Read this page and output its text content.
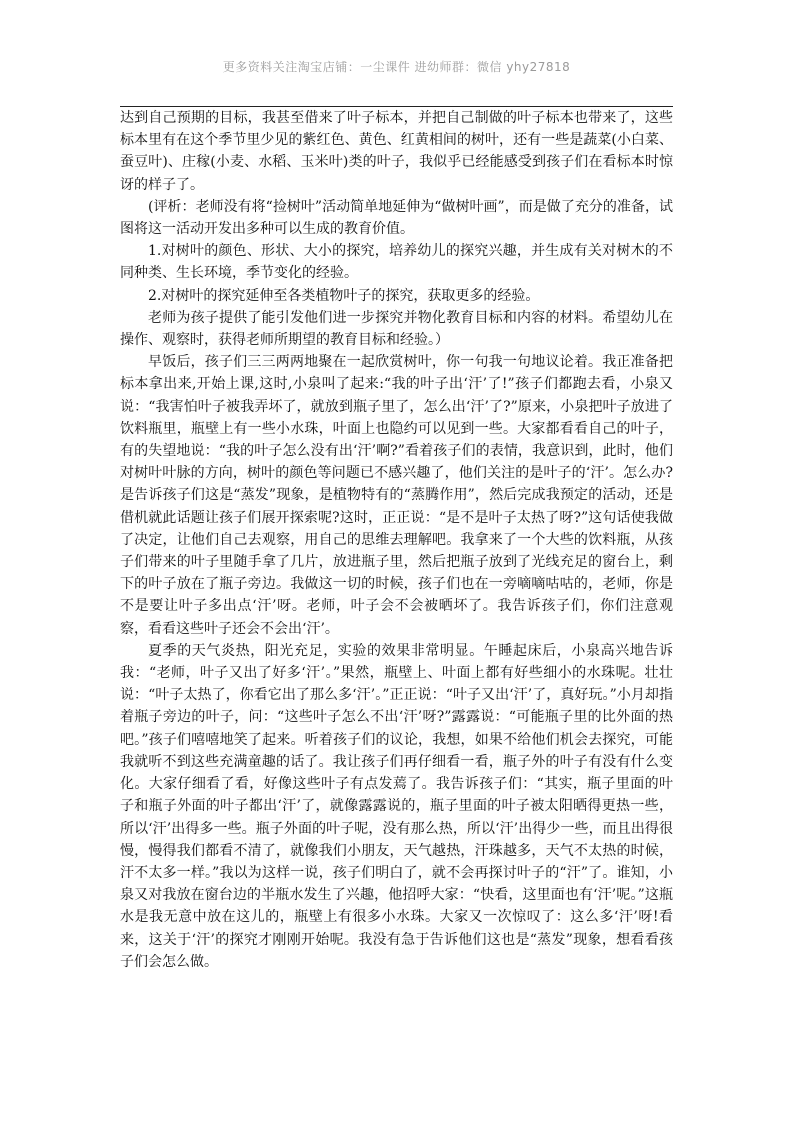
更多资料关注淘宝店铺：一尘课件 进幼师群：微信 yhy27818

达到自己预期的目标，我甚至借来了叶子标本，并把自己制做的叶子标本也带来了，这些标本里有在这个季节里少见的紫红色、黄色、红黄相间的树叶，还有一些是蔬菜(小白菜、蚕豆叶)、庄稼(小麦、水稻、玉米叶)类的叶子，我似乎已经能感受到孩子们在看标本时惊讶的样子了。

(评析：老师没有将“捡树叶”活动简单地延伸为“做树叶画”，而是做了充分的准备，试图将这一活动开发出多种可以生成的教育价值。

1.对树叶的颜色、形状、大小的探究，培养幼儿的探究兴趣，并生成有关对树木的不同种类、生长环境，季节变化的经验。

2.对树叶的探究延伸至各类植物叶子的探究，获取更多的经验。

老师为孩子提供了能引发他们进一步探究并物化教育目标和内容的材料。希望幼儿在操作、观察时，获得老师所期望的教育目标和经验。）

早饭后，孩子们三三两两地聚在一起欣赏树叶，你一句我一句地议论着。我正准备把标本拿出来,开始上课,这时,小泉叫了起来:“我的叶子出‘汗’了!”孩子们都跑去看，小泉又说：“我害怕叶子被我弄坏了，就放到瓶子里了，怎么出‘汗’了?”原来，小泉把叶子放进了饮料瓶里，瓶壁上有一些小水珠，叶面上也隐约可以见到一些。大家都看看自己的叶子，有的失望地说：“我的叶子怎么没有出‘汗’啊?”看着孩子们的表情，我意识到，此时，他们对树叶叶脉的方向，树叶的颜色等问题已不感兴趣了，他们关注的是叶子的‘汗’。怎么办?是告诉孩子们这是“蒸发”现象，是植物特有的“蒸腾作用”，然后完成我预定的活动，还是借机就此话题让孩子们展开探索呢?这时，正正说：“是不是叶子太热了呀?”这句话使我做了决定，让他们自己去观察，用自己的思维去理解吧。我拿来了一个大些的饮料瓶，从孩子们带来的叶子里随手拿了几片，放进瓶子里，然后把瓶子放到了光线充足的窗台上，剩下的叶子放在了瓶子旁边。我做这一切的时候，孩子们也在一旁嘀嘀咕咕的，老师，你是不是要让叶子多出点‘汗’呀。老师，叶子会不会被晒坏了。我告诉孩子们，你们注意观察，看看这些叶子还会不会出‘汗’。

夏季的天气炎热，阳光充足，实验的效果非常明显。午睡起床后，小泉高兴地告诉我：“老师，叶子又出了好多‘汗’。”果然，瓶壁上、叶面上都有好些细小的水珠呢。壮壮说：“叶子太热了，你看它出了那么多‘汗’。”正正说：“叶子又出‘汗’了，真好玩。”小月却指着瓶子旁边的叶子，问：“这些叶子怎么不出‘汗’呀?”露露说：“可能瓶子里的比外面的热吧。”孩子们嘻嘻地笑了起来。听着孩子们的议论，我想，如果不给他们机会去探究，可能我就听不到这些充满童趣的话了。我让孩子们再仔细看一看，瓶子外的叶子有没有什么变化。大家仔细看了看，好像这些叶子有点发蔫了。我告诉孩子们：“其实，瓶子里面的叶子和瓶子外面的叶子都出‘汗’了，就像露露说的，瓶子里面的叶子被太阳晒得更热一些，所以‘汗’出得多一些。瓶子外面的叶子呢，没有那么热，所以‘汗’出得少一些，而且出得很慢，慢得我们都看不清了，就像我们小朋友，天气越热，汗珠越多，天气不太热的时候，汗不太多一样。”我以为这样一说，孩子们明白了，就不会再探讨叶子的“汗”了。谁知，小泉又对我放在窗台边的半瓶水发生了兴趣，他招呼大家：“快看，这里面也有‘汗’呢。”这瓶水是我无意中放在这儿的，瓶壁上有很多小水珠。大家又一次惊叹了：这么多‘汗’呀!看来，这关于‘汗’的探究才刚刚开始呢。我没有急于告诉他们这也是“蒸发”现象，想看看孩子们会怎么做。
